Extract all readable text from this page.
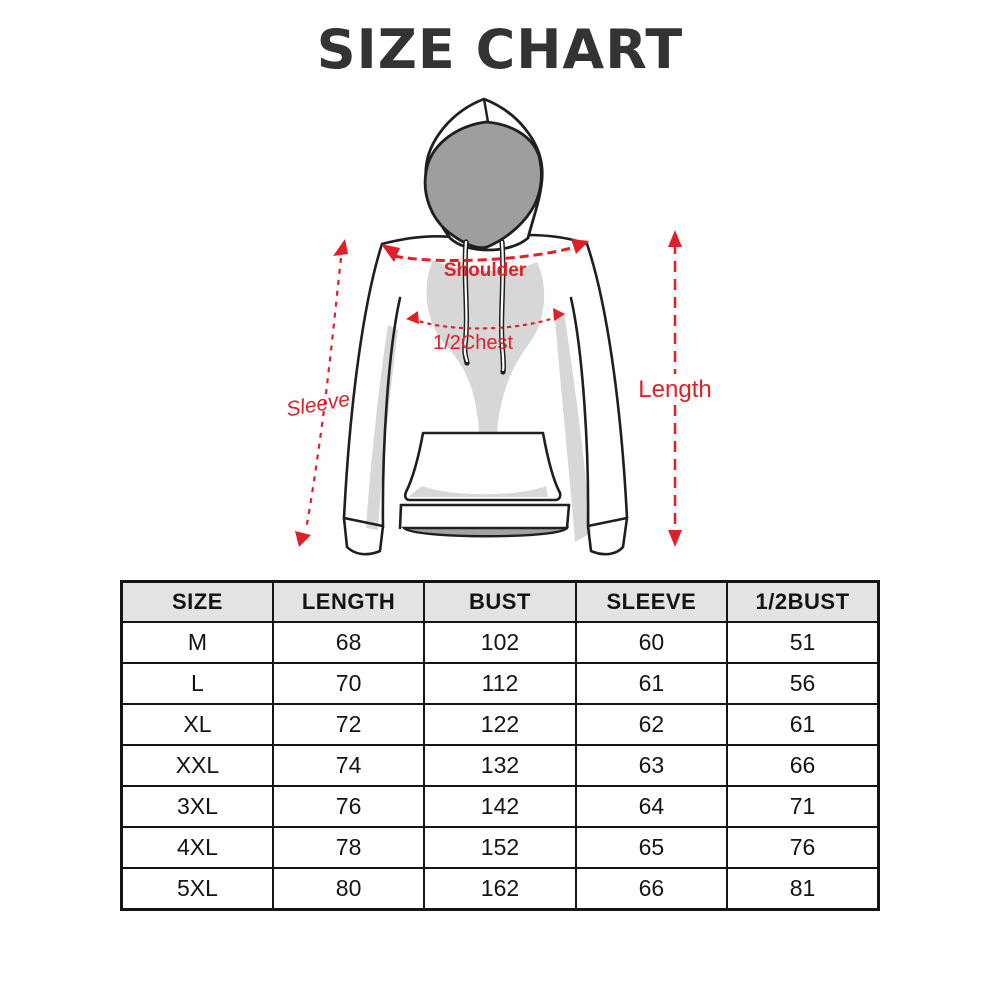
SIZE CHART
Shoulder
1/2Chest
Sleeve	Length
SIZE	LENGTH	BUST	SLEEVE	1/2BUST
M	68	102	60	51
L	70	112	61	56
XL	72	122	62	61
XXL	74	132	63	66
3XL	76	142	64	71
4XL	78	152	65	76
5XL	80	162	66	81
